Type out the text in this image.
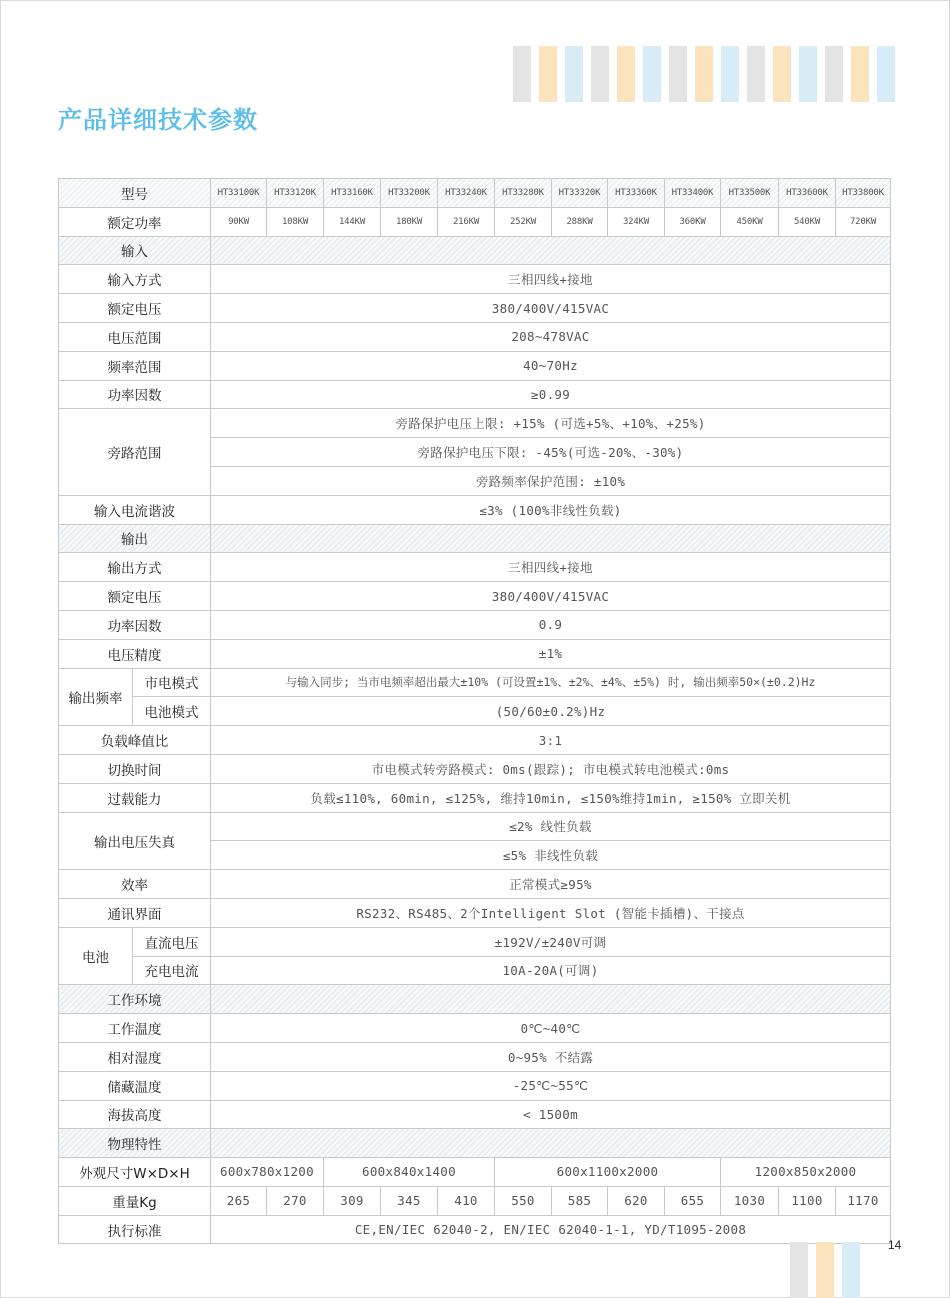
产品详细技术参数
型号		HT33100K	HT33120K	HT33160K	HT33200K	HT33240K	HT33280K	HT33320K	HT33360K	HT33400K	HT33500K	HT33600K	HT33800K
额定功率		90KW	108KW	144KW	180KW	216KW	252KW	288KW	324KW	360KW	450KW	540KW	720KW
输入													
输入方式		三相四线+接地											
额定电压		380/400V/415VAC											
电压范围		208~478VAC											
频率范围		40~70Hz											
功率因数		≥0.99											
旁路范围		旁路保护电压上限: +15% (可选+5%、+10%、+25%)											
		旁路保护电压下限: -45%(可选-20%、-30%)											
		旁路频率保护范围: ±10%											
输入电流谐波		≤3% (100%非线性负载)											
输出													
输出方式		三相四线+接地											
额定电压		380/400V/415VAC											
功率因数		0.9											
电压精度		±1%											
输出频率	市电模式	与输入同步; 当市电频率超出最大±10% (可设置±1%、±2%、±4%、±5%) 时, 输出频率50×(±0.2)Hz											
	电池模式	(50/60±0.2%)Hz											
负载峰值比		3:1											
切换时间		市电模式转旁路模式: 0ms(跟踪); 市电模式转电池模式:0ms											
过载能力		负载≤110%, 60min, ≤125%, 维持10min, ≤150%维持1min, ≥150% 立即关机											
输出电压失真		≤2% 线性负载											
		≤5% 非线性负载											
效率		正常模式≥95%											
通讯界面		RS232、RS485、2个Intelligent Slot (智能卡插槽)、干接点											
电池	直流电压	±192V/±240V可调											
	充电电流	10A-20A(可调)											
工作环境													
工作温度		0℃~40℃											
相对湿度		0~95% 不结露											
储藏温度		-25℃~55℃											
海拔高度		< 1500m											
物理特性													
外观尺寸W×D×H		600x780x1200		600x840x1400			600x1100x2000				1200x850x2000		
重量Kg		265	270	309	345	410	550	585	620	655	1030	1100	1170
执行标准		CE,EN/IEC 62040-2, EN/IEC 62040-1-1, YD/T1095-2008											
14
